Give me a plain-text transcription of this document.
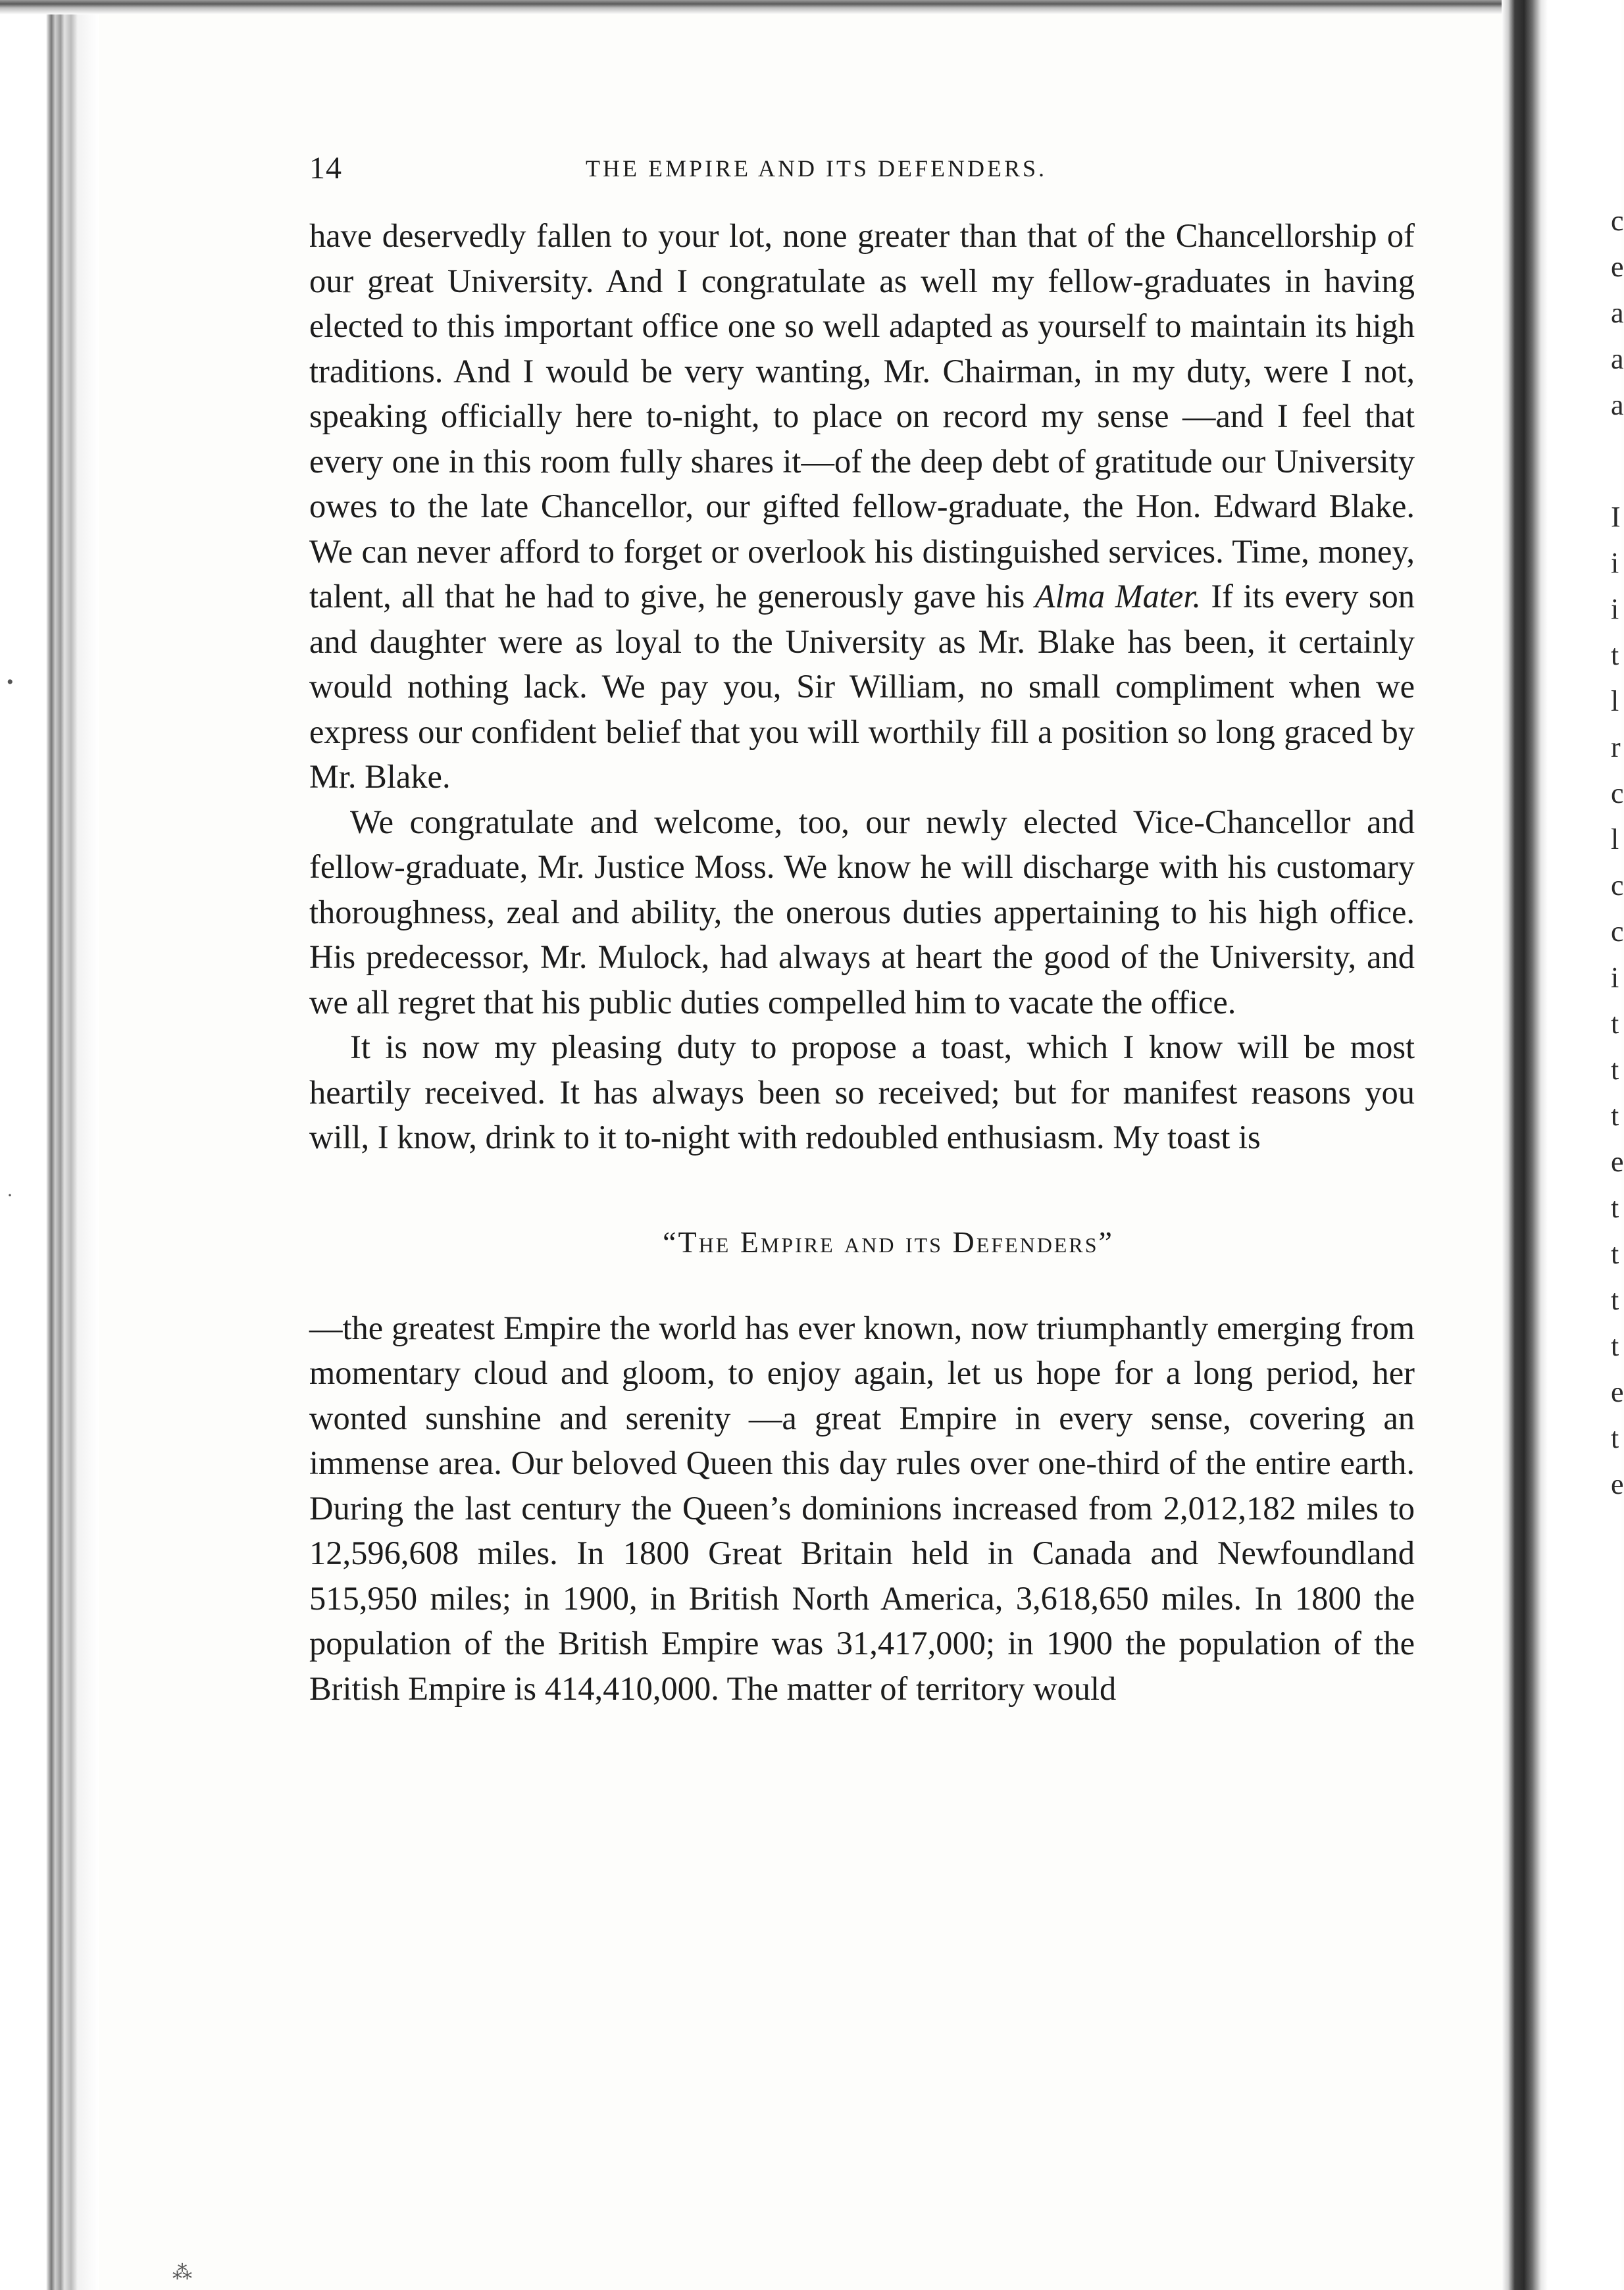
c
e
a
a
a
I
i
i
t
l
r
c
l
c
c
i
t
t
t
e
t
t
t
t
e
t
e
•
·
⁂
14	THE EMPIRE AND ITS DEFENDERS.

have deservedly fallen to your lot, none greater than that of the Chancellorship of our great University. And I congratulate as well my fellow-graduates in having elected to this important office one so well adapted as yourself to maintain its high traditions. And I would be very wanting, Mr. Chairman, in my duty, were I not, speaking officially here to-night, to place on record my sense —and I feel that every one in this room fully shares it—of the deep debt of gratitude our University owes to the late Chancellor, our gifted fellow-graduate, the Hon. Edward Blake. We can never afford to forget or overlook his distinguished services. Time, money, talent, all that he had to give, he generously gave his Alma Mater. If its every son and daughter were as loyal to the University as Mr. Blake has been, it certainly would nothing lack. We pay you, Sir William, no small compliment when we express our confident belief that you will worthily fill a position so long graced by Mr. Blake.

We congratulate and welcome, too, our newly elected Vice-Chancellor and fellow-graduate, Mr. Justice Moss. We know he will discharge with his customary thoroughness, zeal and ability, the onerous duties appertaining to his high office. His predecessor, Mr. Mulock, had always at heart the good of the University, and we all regret that his public duties compelled him to vacate the office.

It is now my pleasing duty to propose a toast, which I know will be most heartily received. It has always been so received; but for manifest reasons you will, I know, drink to it to-night with redoubled enthusiasm. My toast is

“The Empire and its Defenders”

—the greatest Empire the world has ever known, now triumphantly emerging from momentary cloud and gloom, to enjoy again, let us hope for a long period, her wonted sunshine and serenity —a great Empire in every sense, covering an immense area. Our beloved Queen this day rules over one-third of the entire earth. During the last century the Queen’s dominions increased from 2,012,182 miles to 12,596,608 miles. In 1800 Great Britain held in Canada and Newfoundland 515,950 miles; in 1900, in British North America, 3,618,650 miles. In 1800 the population of the British Empire was 31,417,000; in 1900 the population of the British Empire is 414,410,000. The matter of territory would
